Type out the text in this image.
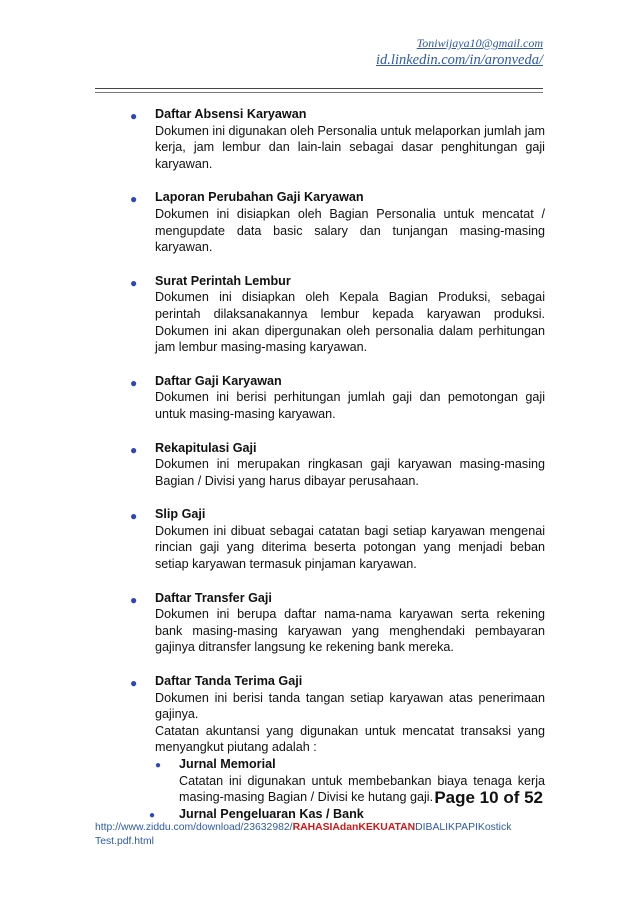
Toniwijaya10@gmail.com
id.linkedin.com/in/aronveda/
● Daftar Absensi Karyawan

Dokumen ini digunakan oleh Personalia untuk melaporkan jumlah jam kerja, jam lembur dan lain-lain sebagai dasar penghitungan gaji karyawan.

● Laporan Perubahan Gaji Karyawan

Dokumen ini disiapkan oleh Bagian Personalia untuk mencatat / mengupdate data basic salary dan tunjangan masing-masing karyawan.

● Surat Perintah Lembur

Dokumen ini disiapkan oleh Kepala Bagian Produksi, sebagai perintah dilaksanakannya lembur kepada karyawan produksi. Dokumen ini akan dipergunakan oleh personalia dalam perhitungan jam lembur masing-masing karyawan.

● Daftar Gaji Karyawan

Dokumen ini berisi perhitungan jumlah gaji dan pemotongan gaji untuk masing-masing karyawan.

● Rekapitulasi Gaji

Dokumen ini merupakan ringkasan gaji karyawan masing-masing Bagian / Divisi yang harus dibayar perusahaan.

● Slip Gaji

Dokumen ini dibuat sebagai catatan bagi setiap karyawan mengenai rincian gaji yang diterima beserta potongan yang menjadi beban setiap karyawan termasuk pinjaman karyawan.

● Daftar Transfer Gaji

Dokumen ini berupa daftar nama-nama karyawan serta rekening bank masing-masing karyawan yang menghendaki pembayaran gajinya ditransfer langsung ke rekening bank mereka.

● Daftar Tanda Terima Gaji

Dokumen ini berisi tanda tangan setiap karyawan atas penerimaan gajinya.

Catatan akuntansi yang digunakan untuk mencatat transaksi yang menyangkut piutang adalah :

● Jurnal Memorial

Catatan ini digunakan untuk membebankan biaya tenaga kerja masing-masing Bagian / Divisi ke hutang gaji.

● Jurnal Pengeluaran Kas / Bank
Page 10 of 52
http://www.ziddu.com/download/23632982/RAHASIAdanKEKUATANDIBALIKPAPIKostick
Test.pdf.html
